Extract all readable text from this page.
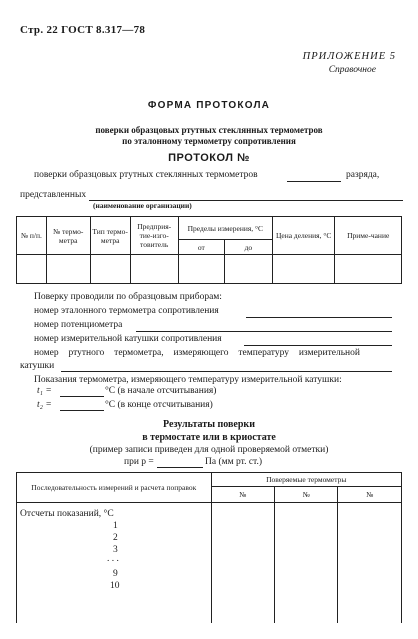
Стр. 22 ГОСТ 8.317—78
ПРИЛОЖЕНИЕ 5
Справочное
ФОРМА ПРОТОКОЛА
поверки образцовых ртутных стеклянных термометров
по эталонному термометру сопротивления
ПРОТОКОЛ №
поверки образцовых ртутных стеклянных термометров	разряда,
представленных
(наименование организации)
№ п/п.	№ термо-метра	Тип термо-метра	Предприя-тие-изго-товитель	Пределы измерения, °С		Цена деления, °С	Приме-чание
				от	до		

Поверку проводили по образцовым приборам:
номер эталонного термометра сопротивления
номер потенциометра
номер измерительной катушки сопротивления
номер ртутного термометра, измеряющего температуру измерительной
катушки
Показания термометра, измеряющего температуру измерительной катушки:
t₁ =	°С (в начале отсчитывания)
t₂ =	°С (в конце отсчитывания)
Результаты поверки
в термостате или в криостате
(пример записи приведен для одной проверяемой отметки)
при p =	Па (мм рт. ст.)
Последовательность измерений и расчета поправок	Поверяемые термометры		
	№	№	№

Отсчеты показаний, °С
1
2
3
. . .
9
10
